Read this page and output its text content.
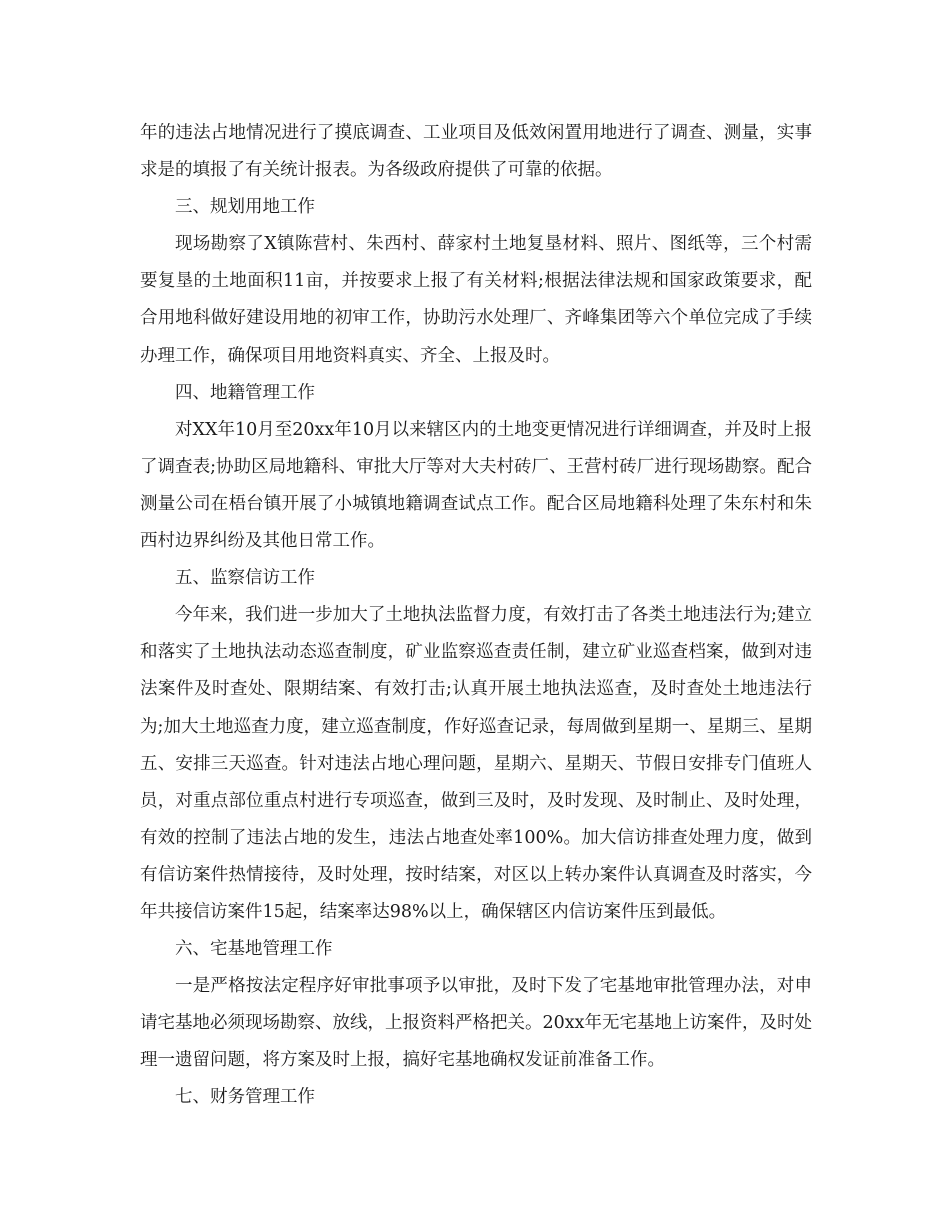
年的违法占地情况进行了摸底调查、工业项目及低效闲置用地进行了调查、测量，实事求是的填报了有关统计报表。为各级政府提供了可靠的依据。

三、规划用地工作

现场勘察了X镇陈营村、朱西村、薛家村土地复垦材料、照片、图纸等，三个村需要复垦的土地面积11亩，并按要求上报了有关材料;根据法律法规和国家政策要求，配合用地科做好建设用地的初审工作，协助污水处理厂、齐峰集团等六个单位完成了手续办理工作，确保项目用地资料真实、齐全、上报及时。

四、地籍管理工作

对XX年10月至20xx年10月以来辖区内的土地变更情况进行详细调查，并及时上报了调查表;协助区局地籍科、审批大厅等对大夫村砖厂、王营村砖厂进行现场勘察。配合测量公司在梧台镇开展了小城镇地籍调查试点工作。配合区局地籍科处理了朱东村和朱西村边界纠纷及其他日常工作。

五、监察信访工作

今年来，我们进一步加大了土地执法监督力度，有效打击了各类土地违法行为;建立和落实了土地执法动态巡查制度，矿业监察巡查责任制，建立矿业巡查档案，做到对违法案件及时查处、限期结案、有效打击;认真开展土地执法巡查，及时查处土地违法行为;加大土地巡查力度，建立巡查制度，作好巡查记录，每周做到星期一、星期三、星期五、安排三天巡查。针对违法占地心理问题，星期六、星期天、节假日安排专门值班人员，对重点部位重点村进行专项巡查，做到三及时，及时发现、及时制止、及时处理，有效的控制了违法占地的发生，违法占地查处率100%。加大信访排查处理力度，做到有信访案件热情接待，及时处理，按时结案，对区以上转办案件认真调查及时落实，今年共接信访案件15起，结案率达98%以上，确保辖区内信访案件压到最低。

六、宅基地管理工作

一是严格按法定程序好审批事项予以审批，及时下发了宅基地审批管理办法，对申请宅基地必须现场勘察、放线，上报资料严格把关。20xx年无宅基地上访案件，及时处理一遗留问题，将方案及时上报，搞好宅基地确权发证前准备工作。

七、财务管理工作
